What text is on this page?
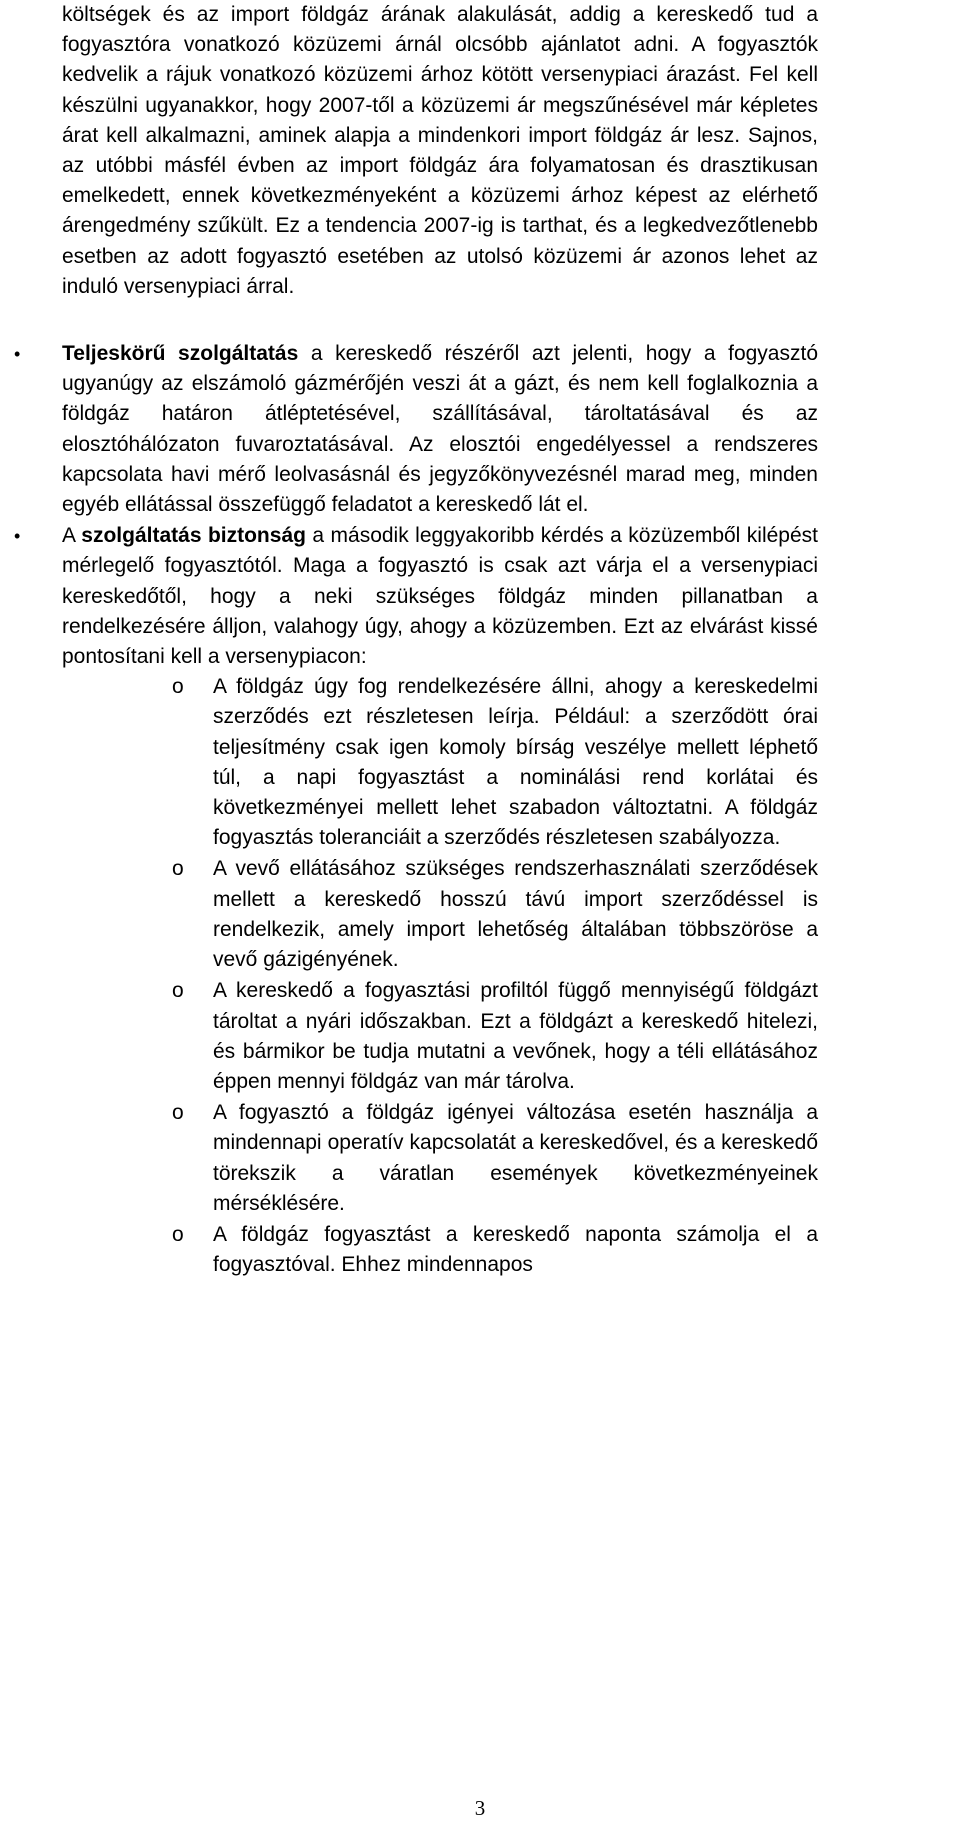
költségek és az import földgáz árának alakulását, addig a kereskedő tud a fogyasztóra vonatkozó közüzemi árnál olcsóbb ajánlatot adni. A fogyasztók kedvelik a rájuk vonatkozó közüzemi árhoz kötött versenypiaci árazást. Fel kell készülni ugyanakkor, hogy 2007-től a közüzemi ár megszűnésével már képletes árat kell alkalmazni, aminek alapja a mindenkori import földgáz ár lesz. Sajnos, az utóbbi másfél évben az import földgáz ára folyamatosan és drasztikusan emelkedett, ennek következményeként a közüzemi árhoz képest az elérhető árengedmény szűkült. Ez a tendencia 2007-ig is tarthat, és a legkedvezőtlenebb esetben az adott fogyasztó esetében az utolsó közüzemi ár azonos lehet az induló versenypiaci árral.

•	Teljeskörű szolgáltatás a kereskedő részéről azt jelenti, hogy a fogyasztó ugyanúgy az elszámoló gázmérőjén veszi át a gázt, és nem kell foglalkoznia a földgáz határon átléptetésével, szállításával, tároltatásával és az elosztóhálózaton fuvaroztatásával. Az elosztói engedélyessel a rendszeres kapcsolata havi mérő leolvasásnál és jegyzőkönyvezésnél marad meg, minden egyéb ellátással összefüggő feladatot a kereskedő lát el.
•	A szolgáltatás biztonság a második leggyakoribb kérdés a közüzemből kilépést mérlegelő fogyasztótól. Maga a fogyasztó is csak azt várja el a versenypiaci kereskedőtől, hogy a neki szükséges földgáz minden pillanatban a rendelkezésére álljon, valahogy úgy, ahogy a közüzemben. Ezt az elvárást kissé pontosítani kell a versenypiacon:
o A földgáz úgy fog rendelkezésére állni, ahogy a kereskedelmi szerződés ezt részletesen leírja. Például: a szerződött órai teljesítmény csak igen komoly bírság veszélye mellett léphető túl, a napi fogyasztást a nominálási rend korlátai és következményei mellett lehet szabadon változtatni. A földgáz fogyasztás toleranciáit a szerződés részletesen szabályozza.
o A vevő ellátásához szükséges rendszerhasználati szerződések mellett a kereskedő hosszú távú import szerződéssel is rendelkezik, amely import lehetőség általában többszöröse a vevő gázigényének.
o A kereskedő a fogyasztási profiltól függő mennyiségű földgázt tároltat a nyári időszakban. Ezt a földgázt a kereskedő hitelezi, és bármikor be tudja mutatni a vevőnek, hogy a téli ellátásához éppen mennyi földgáz van már tárolva.
o A fogyasztó a földgáz igényei változása esetén használja a mindennapi operatív kapcsolatát a kereskedővel, és a kereskedő törekszik a váratlan események következményeinek mérséklésére.
o A földgáz fogyasztást a kereskedő naponta számolja el a fogyasztóval. Ehhez mindennapos
3
